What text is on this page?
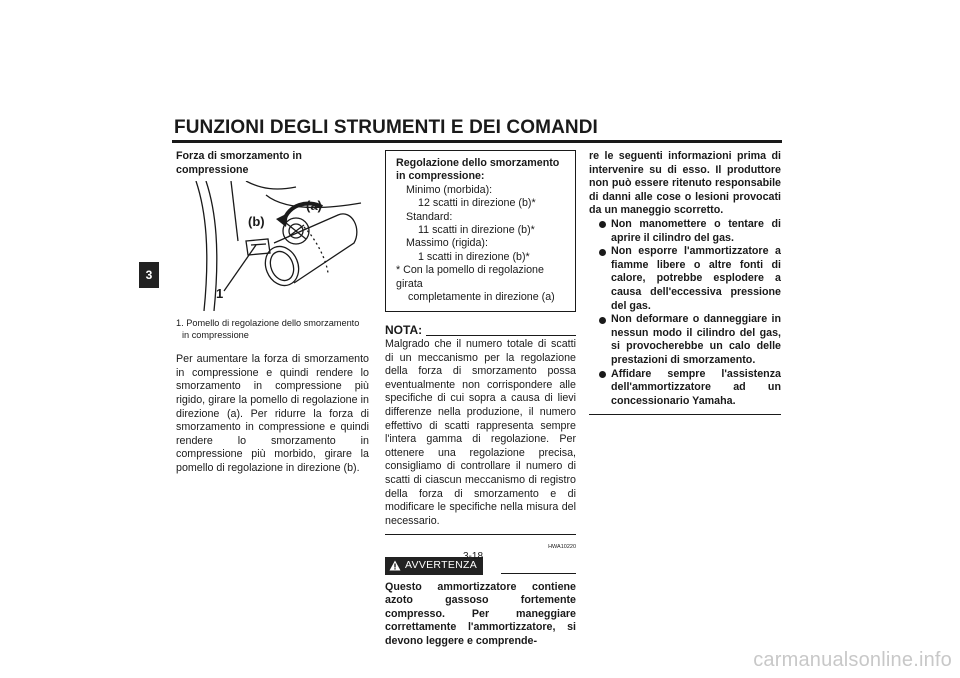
FUNZIONI DEGLI STRUMENTI E DEI COMANDI
3
Forza di smorzamento in compressione
(a)
(b)
1
1. Pomello di regolazione dello smorzamento in compressione
Per aumentare la forza di smorzamento in compressione e quindi rendere lo smorzamento in compressione più rigido, girare la pomello di regolazione in direzione (a). Per ridurre la forza di smorzamento in compressione e quindi rendere lo smorzamento in compressione più morbido, girare la pomello di regolazione in direzione (b).
Regolazione dello smorzamento in compressione:
Minimo (morbida):
12 scatti in direzione (b)*
Standard:
11 scatti in direzione (b)*
Massimo (rigida):
1 scatti in direzione (b)*
* Con la pomello di regolazione girata
completamente in direzione (a)
NOTA:
Malgrado che il numero totale di scatti di un meccanismo per la regolazione della forza di smorzamento possa eventualmente non corrispondere alle specifiche di cui sopra a causa di lievi differenze nella produzione, il numero effettivo di scatti rappresenta sempre l'intera gamma di regolazione. Per ottenere una regolazione precisa, consigliamo di controllare il numero di scatti di ciascun meccanismo di registro della forza di smorzamento e di modificare le specifiche nella misura del necessario.
HWA10220
AVVERTENZA
Questo ammortizzatore contiene azoto gassoso fortemente compresso. Per maneggiare correttamente l'ammortizzatore, si devono leggere e comprende-
re le seguenti informazioni prima di intervenire su di esso. Il produttore non può essere ritenuto responsabile di danni alle cose o lesioni provocati da un maneggio scorretto.
Non manomettere o tentare di aprire il cilindro del gas.
Non esporre l'ammortizzatore a fiamme libere o altre fonti di calore, potrebbe esplodere a causa dell'eccessiva pressione del gas.
Non deformare o danneggiare in nessun modo il cilindro del gas, si provocherebbe un calo delle prestazioni di smorzamento.
Affidare sempre l'assistenza dell'ammortizzatore ad un concessionario Yamaha.
3-18
carmanualsonline.info
